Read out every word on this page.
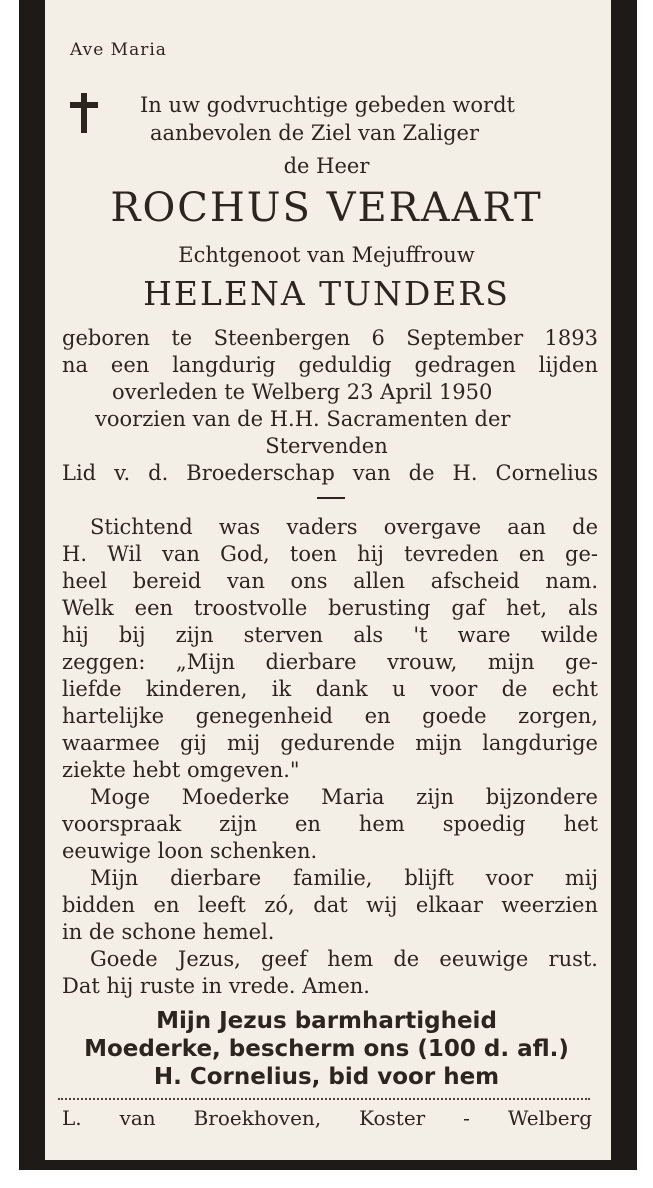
Ave Maria
In uw godvruchtige gebeden wordt
aanbevolen de Ziel van Zaliger
de Heer
ROCHUS VERAART
Echtgenoot van Mejuffrouw
HELENA TUNDERS
geboren te Steenbergen 6 September 1893
na een langdurig geduldig gedragen lijden
overleden te Welberg 23 April 1950
voorzien van de H.H. Sacramenten der
Stervenden
Lid v. d. Broederschap van de H. Cornelius
Stichtend was vaders overgave aan de
H. Wil van God, toen hij tevreden en ge-
heel bereid van ons allen afscheid nam.
Welk een troostvolle berusting gaf het, als
hij bij zijn sterven als 't ware wilde
zeggen: „Mijn dierbare vrouw, mijn ge-
liefde kinderen, ik dank u voor de echt
hartelijke genegenheid en goede zorgen,
waarmee gij mij gedurende mijn langdurige
ziekte hebt omgeven."
Moge Moederke Maria zijn bijzondere
voorspraak zijn en hem spoedig het
eeuwige loon schenken.
Mijn dierbare familie, blijft voor mij
bidden en leeft zó, dat wij elkaar weerzien
in de schone hemel.
Goede Jezus, geef hem de eeuwige rust.
Dat hij ruste in vrede. Amen.
Mijn Jezus barmhartigheid
Moederke, bescherm ons (100 d. afl.)
H. Cornelius, bid voor hem
L. van Broekhoven, Koster - Welberg
